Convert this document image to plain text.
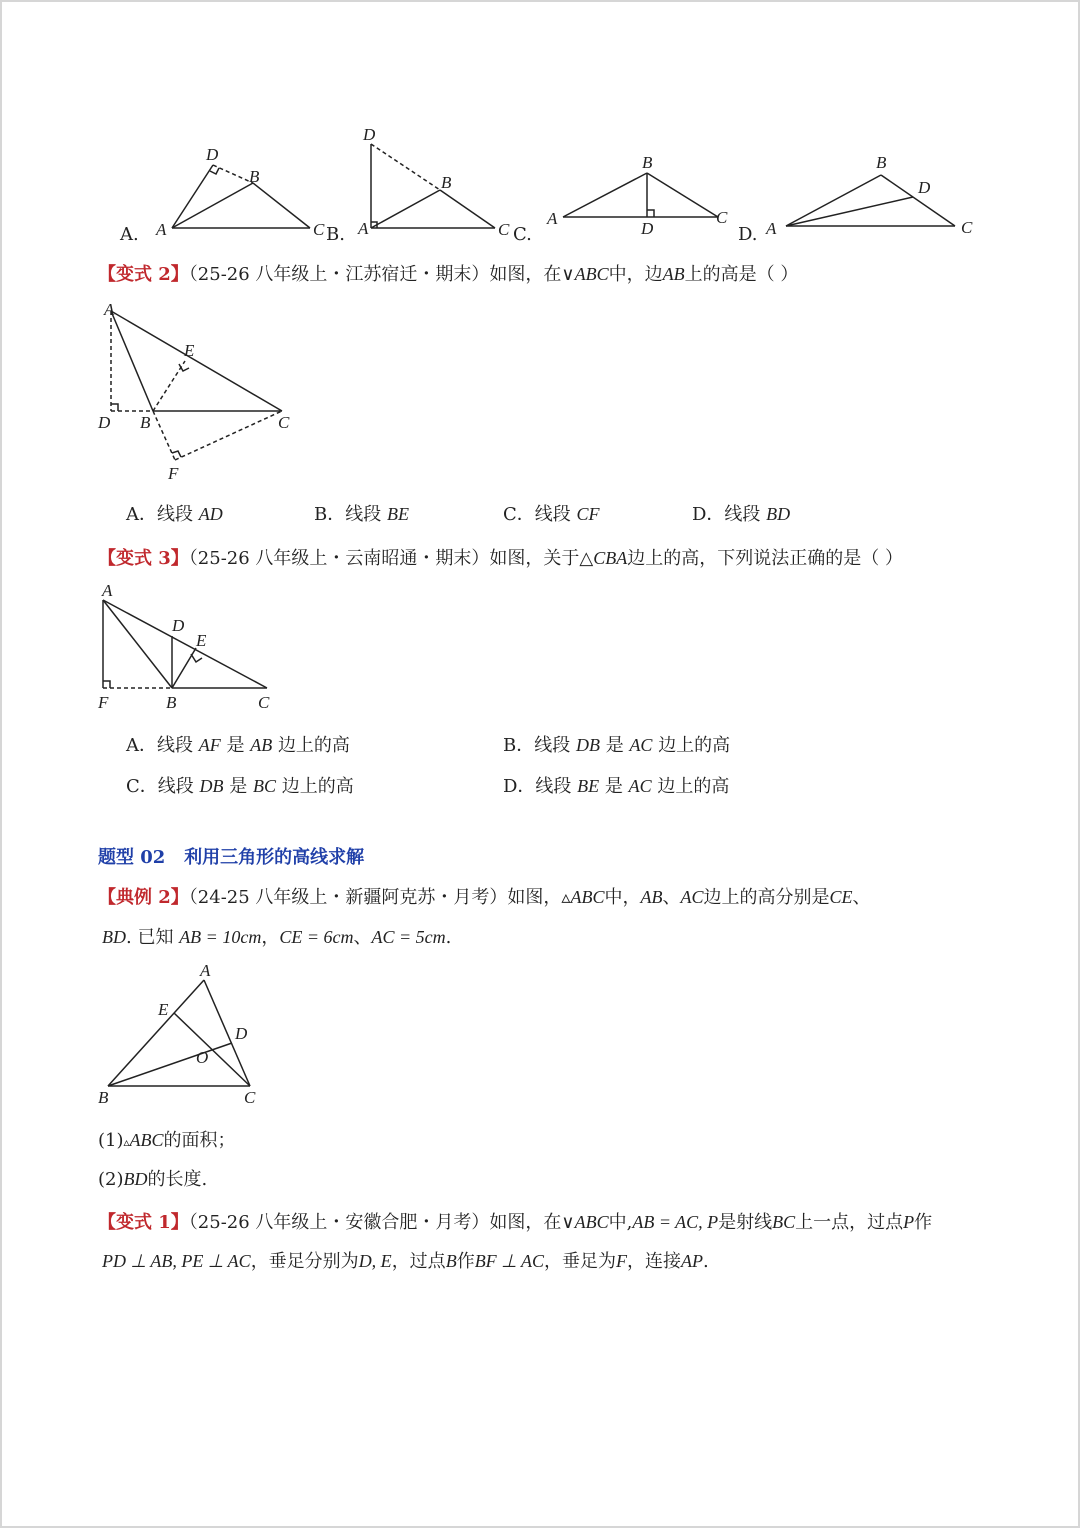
A.
D
B
A	C B.
D
B
A	C C.
B
A
D
C
D.
B
D
A	C
【变式 2】（25-26 八年级上・江苏宿迁・期末）如图，在∨ABC中，边AB上的高是（ ）
A
E
D B	C
F
A．线段 AD	B．线段 BE	C．线段 CF	D．线段 BD
【变式 3】（25-26 八年级上・云南昭通・期末）如图，关于△CBA边上的高，下列说法正确的是（ ）
A
D
E
F	B	C
A．线段 AF 是 AB 边上的高	B．线段 DB 是 AC 边上的高
C．线段 DB 是 BC 边上的高	D．线段 BE 是 AC 边上的高
题型 02 利用三角形的高线求解
【典例 2】（24-25 八年级上・新疆阿克苏・月考）如图，▵ABC中，AB、AC边上的高分别是CE、
BD. 已知 AB = 10cm，CE = 6cm、AC = 5cm.
A
E
D
O
B	C
(1)▵ABC的面积；
(2)BD的长度.
【变式 1】（25-26 八年级上・安徽合肥・月考）如图，在∨ABC中,AB = AC, P是射线BC上一点，过点P作
PD ⊥ AB, PE ⊥ AC，垂足分别为D, E，过点B作BF ⊥ AC，垂足为F，连接AP.
